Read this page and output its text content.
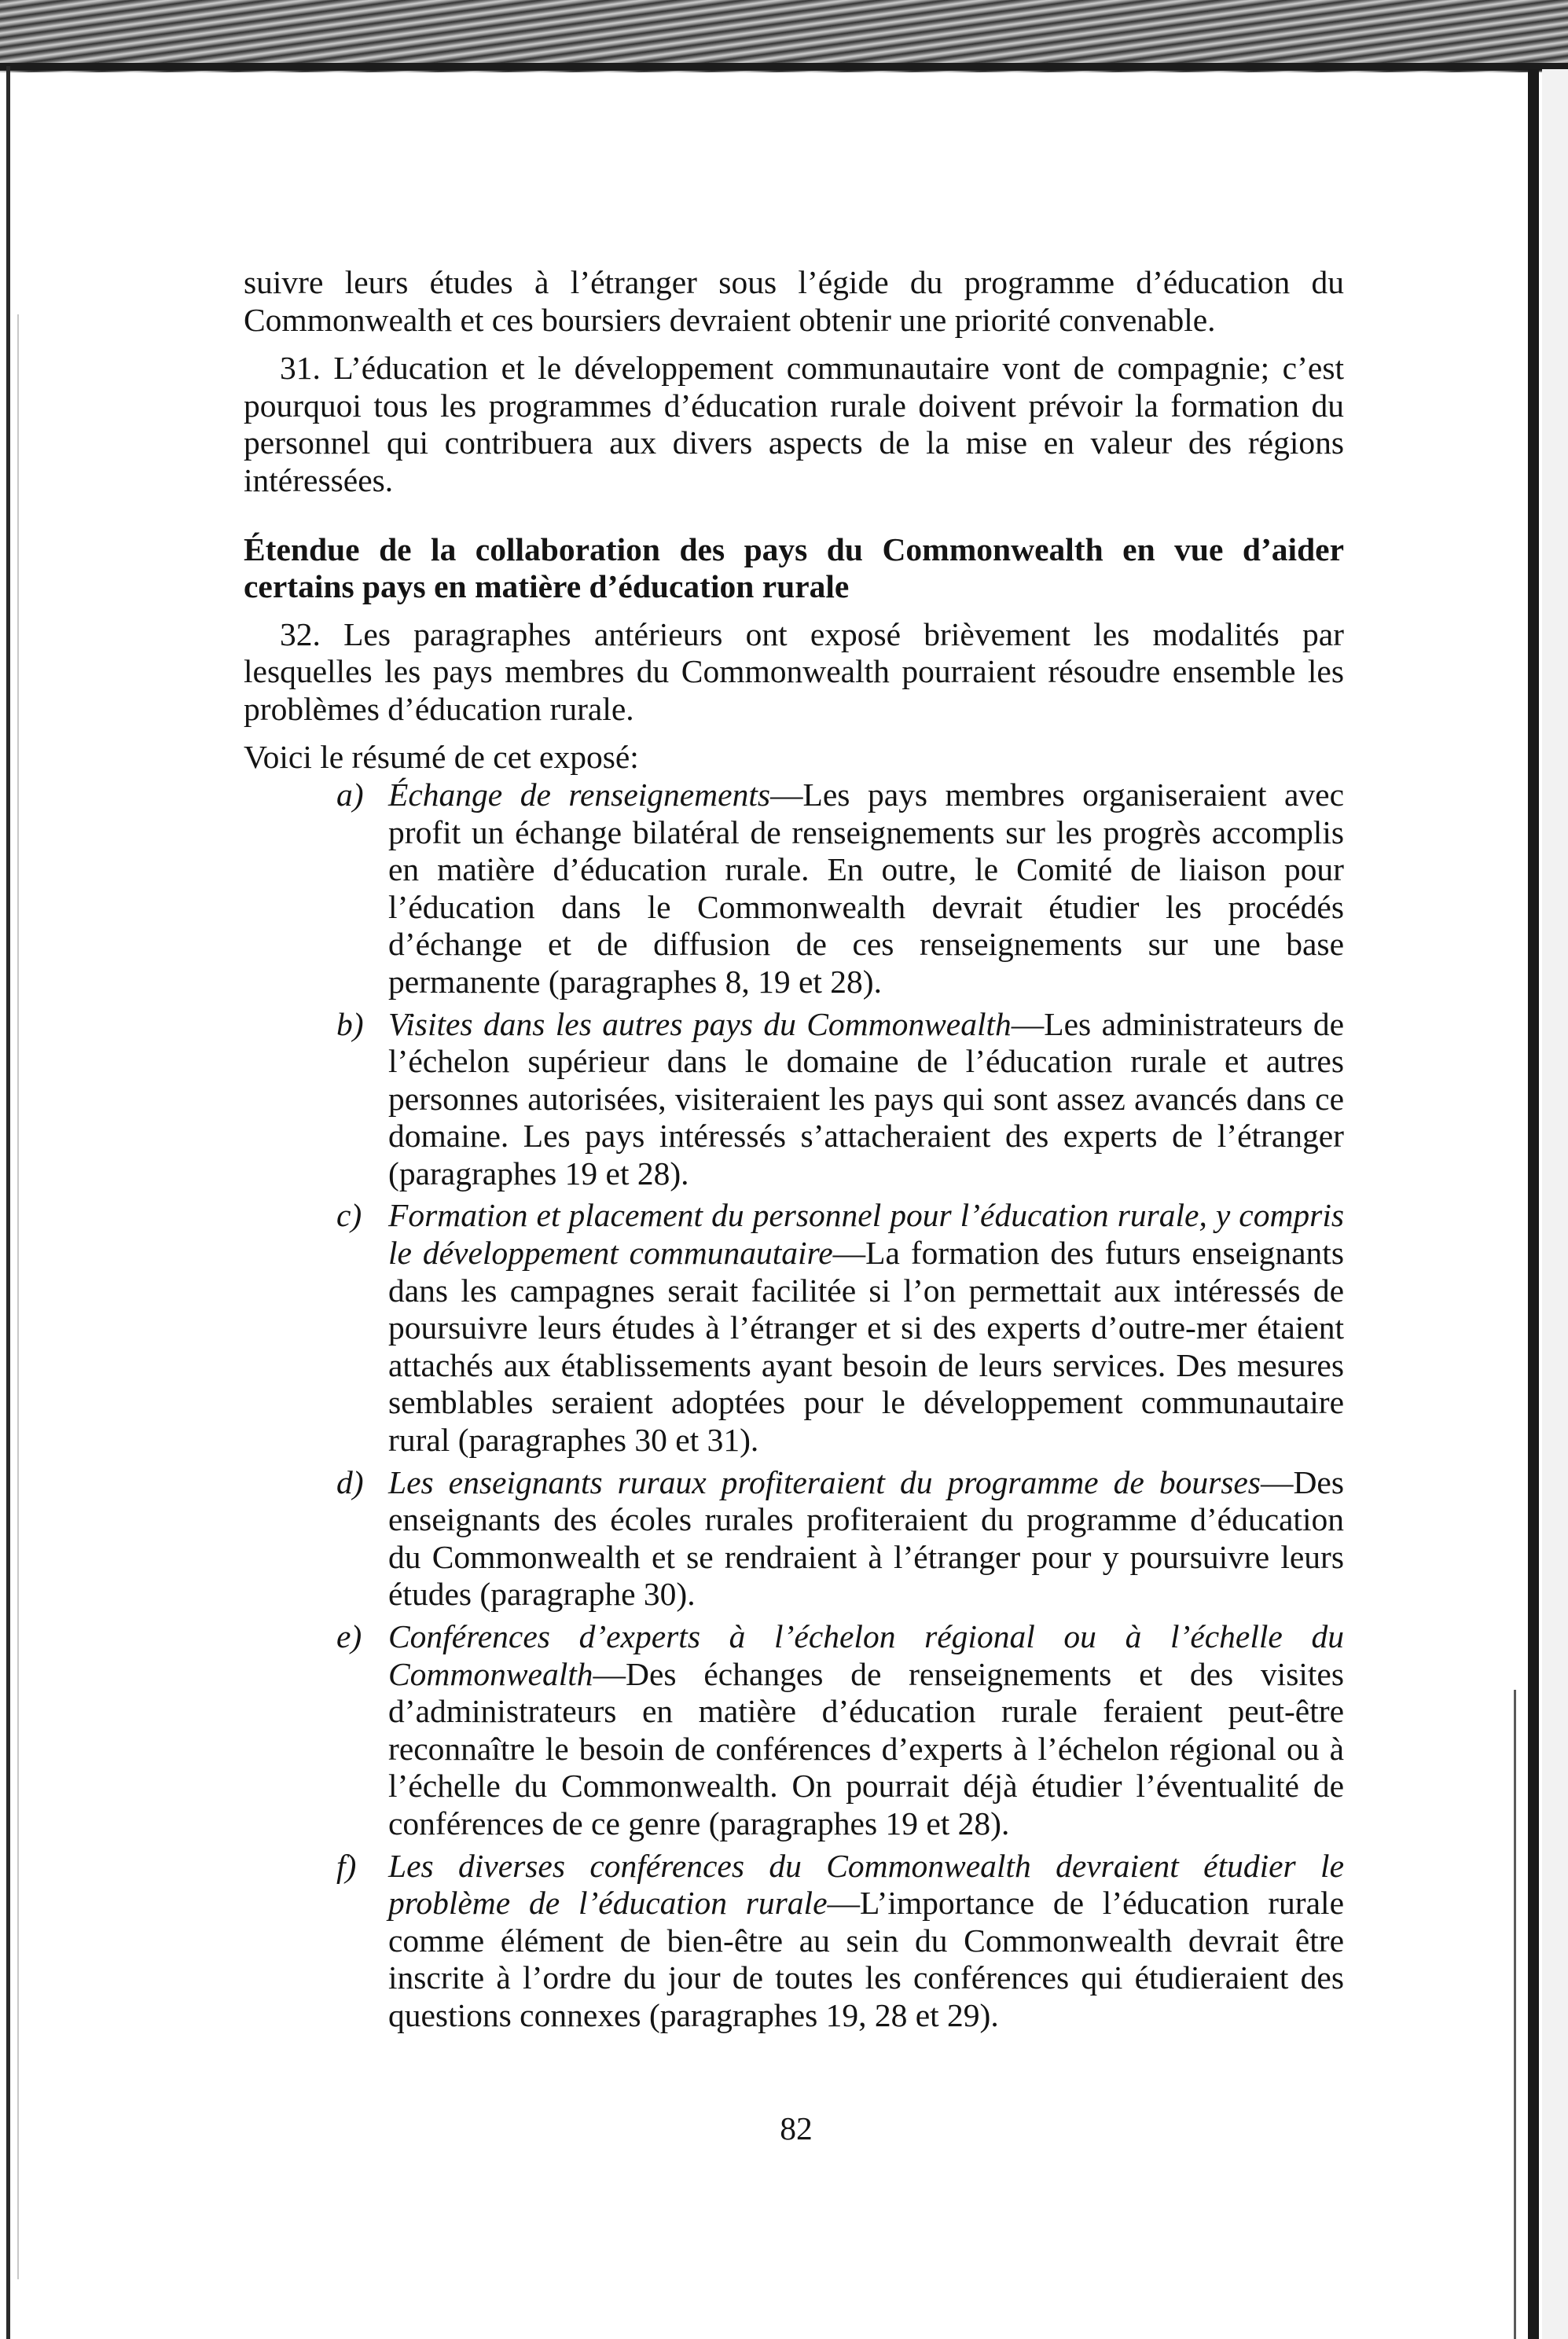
suivre leurs études à l’étranger sous l’égide du programme d’éducation du Commonwealth et ces boursiers devraient obtenir une priorité convenable.

31. L’éducation et le développement communautaire vont de compagnie; c’est pourquoi tous les programmes d’éducation rurale doivent prévoir la formation du personnel qui contribuera aux divers aspects de la mise en valeur des régions intéressées.

Étendue de la collaboration des pays du Commonwealth en vue d’aider certains pays en matière d’éducation rurale

32. Les paragraphes antérieurs ont exposé brièvement les modalités par lesquelles les pays membres du Commonwealth pourraient résoudre ensemble les problèmes d’éducation rurale.

Voici le résumé de cet exposé:

a) Échange de renseignements—Les pays membres organiseraient avec profit un échange bilatéral de renseignements sur les progrès accomplis en matière d’éducation rurale. En outre, le Comité de liaison pour l’éducation dans le Commonwealth devrait étudier les procédés d’échange et de diffusion de ces renseignements sur une base permanente (paragraphes 8, 19 et 28).
b) Visites dans les autres pays du Commonwealth—Les administrateurs de l’échelon supérieur dans le domaine de l’éducation rurale et autres personnes autorisées, visiteraient les pays qui sont assez avancés dans ce domaine. Les pays intéressés s’attacheraient des experts de l’étranger (paragraphes 19 et 28).
c) Formation et placement du personnel pour l’éducation rurale, y compris le développement communautaire—La formation des futurs enseignants dans les campagnes serait facilitée si l’on permettait aux intéressés de poursuivre leurs études à l’étranger et si des experts d’outre-mer étaient attachés aux établissements ayant besoin de leurs services. Des mesures semblables seraient adoptées pour le développement communautaire rural (paragraphes 30 et 31).
d) Les enseignants ruraux profiteraient du programme de bourses—Des enseignants des écoles rurales profiteraient du programme d’éducation du Commonwealth et se rendraient à l’étranger pour y poursuivre leurs études (paragraphe 30).
e) Conférences d’experts à l’échelon régional ou à l’échelle du Commonwealth—Des échanges de renseignements et des visites d’administrateurs en matière d’éducation rurale feraient peut-être reconnaître le besoin de conférences d’experts à l’échelon régional ou à l’échelle du Commonwealth. On pourrait déjà étudier l’éventualité de conférences de ce genre (paragraphes 19 et 28).
f) Les diverses conférences du Commonwealth devraient étudier le problème de l’éducation rurale—L’importance de l’éducation rurale comme élément de bien-être au sein du Commonwealth devrait être inscrite à l’ordre du jour de toutes les conférences qui étudieraient des questions connexes (paragraphes 19, 28 et 29).
82
